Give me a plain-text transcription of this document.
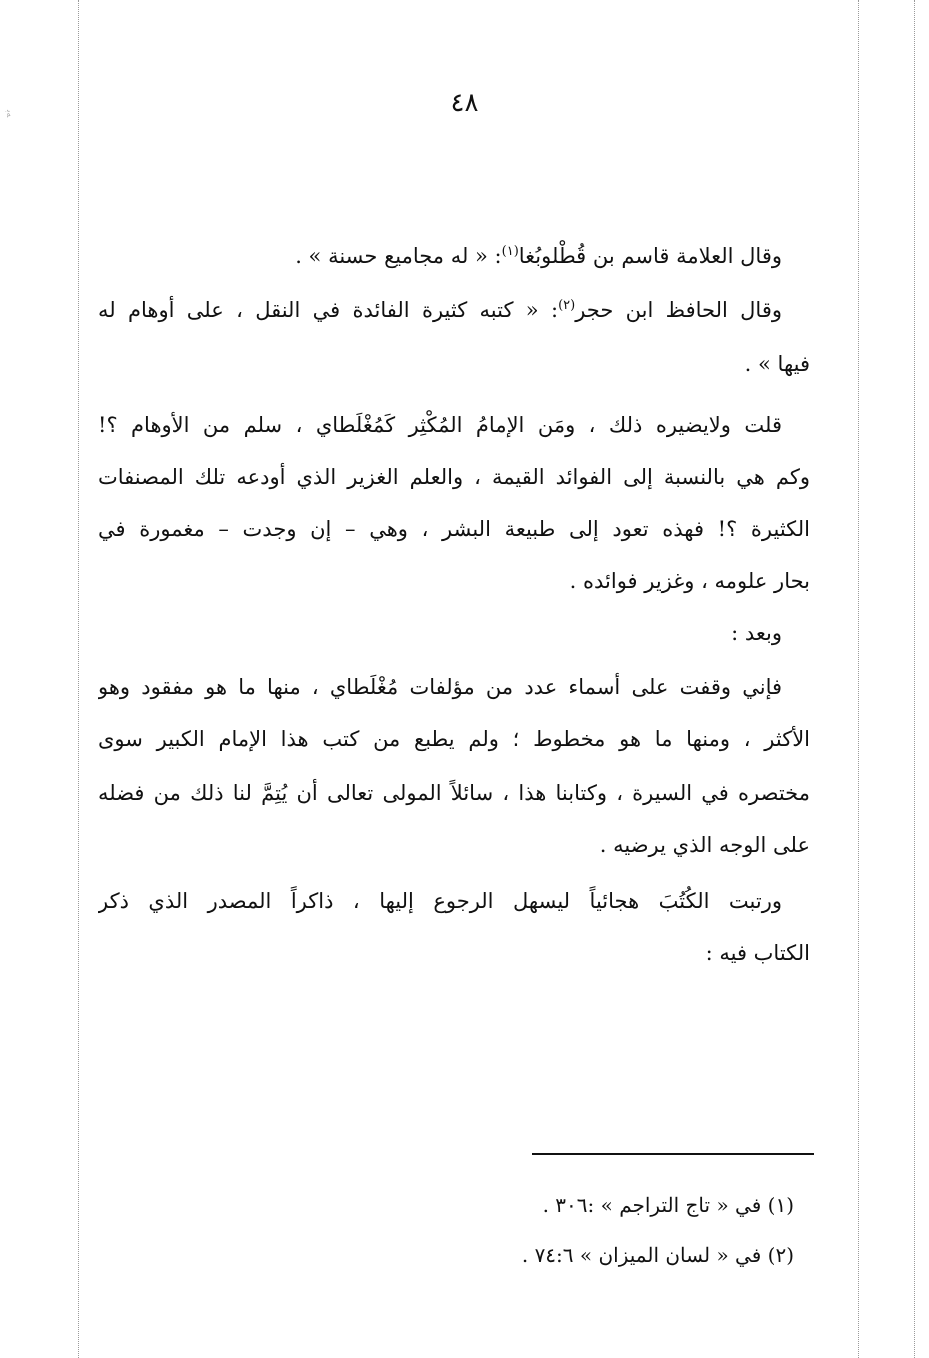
ﻪﺑ	٤٨
وقال العلامة قاسم بن قُطْلوبُغا$^{(١)}$: « له مجاميع حسنة » .
وقال الحافظ ابن حجر$^{(٢)}$: « كتبه كثيرة الفائدة في النقل ، على أوهام له
فيها » .
قلت ولايضيره ذلك ، ومَن الإمامُ المُكْثِر كَمُغْلَطاي ، سلم من الأوهام ؟!
وكم هي بالنسبة إلى الفوائد القيمة ، والعلم الغزير الذي أودعه تلك المصنفات
الكثيرة ؟! فهذه تعود إلى طبيعة البشر ، وهي – إن وجدت – مغمورة في
بحار علومه ، وغزير فوائده .
وبعد :
فإني وقفت على أسماء عدد من مؤلفات مُغْلَطاي ، منها ما هو مفقود وهو
الأكثر ، ومنها ما هو مخطوط ؛ ولم يطبع من كتب هذا الإمام الكبير سوى
مختصره في السيرة ، وكتابنا هذا ، سائلاً المولى تعالى أن يُتِمَّ لنا ذلك من فضله
على الوجه الذي يرضيه .
ورتبت الكُتُبَ هجائياً ليسهل الرجوع إليها ، ذاكراً المصدر الذي ذكر
الكتاب فيه :
(١) في « تاج التراجم » :٣٠٦ .
(٢) في « لسان الميزان » ٧٤:٦ .
